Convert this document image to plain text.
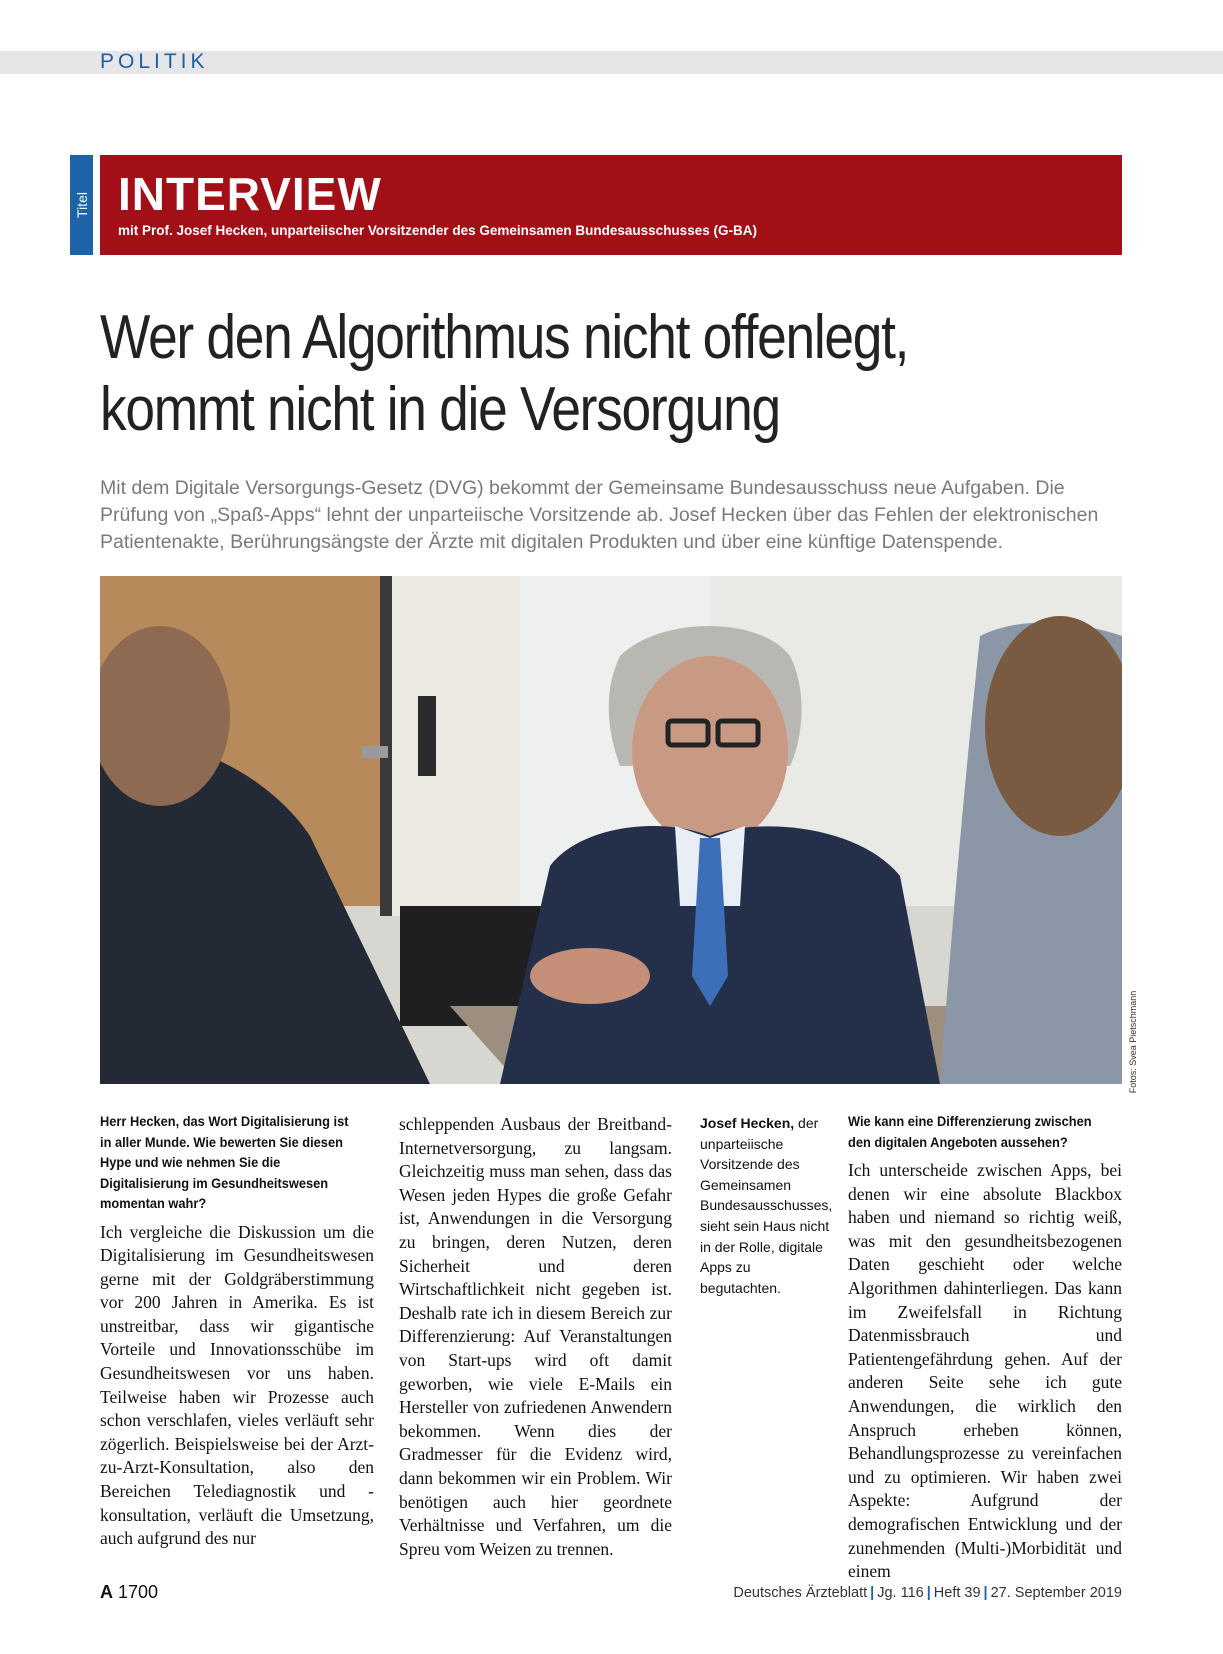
POLITIK
Titel INTERVIEW
mit Prof. Josef Hecken, unparteiischer Vorsitzender des Gemeinsamen Bundesausschusses (G-BA)
Wer den Algorithmus nicht offenlegt,
kommt nicht in die Versorgung
Mit dem Digitale Versorgungs-Gesetz (DVG) bekommt der Gemeinsame Bundesausschuss neue Aufgaben. Die Prüfung von „Spaß-Apps“ lehnt der unparteiische Vorsitzende ab. Josef Hecken über das Fehlen der elektronischen Patientenakte, Berührungsängste der Ärzte mit digitalen Produkten und über eine künftige Datenspende.
Fotos: Svea Pietschmann

Herr Hecken, das Wort Digitalisierung ist in aller Munde. Wie bewerten Sie diesen Hype und wie nehmen Sie die Digitalisierung im Gesundheitswesen momentan wahr?

Ich vergleiche die Diskussion um die Digitalisierung im Gesundheitswesen gerne mit der Goldgräberstimmung vor 200 Jahren in Amerika. Es ist unstreitbar, dass wir gigantische Vorteile und Innovationsschübe im Gesundheitswesen vor uns haben. Teilweise haben wir Prozesse auch schon verschlafen, vieles verläuft sehr zögerlich. Beispielsweise bei der Arzt-zu-Arzt-Konsultation, also den Bereichen Telediagnostik und -konsultation, verläuft die Umsetzung, auch aufgrund des nur

schleppenden Ausbaus der Breitband-Internetversorgung, zu langsam. Gleichzeitig muss man sehen, dass das Wesen jeden Hypes die große Gefahr ist, Anwendungen in die Versorgung zu bringen, deren Nutzen, deren Sicherheit und deren Wirtschaftlichkeit nicht gegeben ist. Deshalb rate ich in diesem Bereich zur Differenzierung: Auf Veranstaltungen von Start-ups wird oft damit geworben, wie viele E-Mails ein Hersteller von zufriedenen Anwendern bekommen. Wenn dies der Gradmesser für die Evidenz wird, dann bekommen wir ein Problem. Wir benötigen auch hier geordnete Verhältnisse und Verfahren, um die Spreu vom Weizen zu trennen.

Josef Hecken, der unparteiische Vorsitzende des Gemeinsamen Bundesausschusses, sieht sein Haus nicht in der Rolle, digitale Apps zu begutachten.

Wie kann eine Differenzierung zwischen den digitalen Angeboten aussehen?

Ich unterscheide zwischen Apps, bei denen wir eine absolute Blackbox haben und niemand so richtig weiß, was mit den gesundheitsbezogenen Daten geschieht oder welche Algorithmen dahinterliegen. Das kann im Zweifelsfall in Richtung Datenmissbrauch und Patientengefährdung gehen. Auf der anderen Seite sehe ich gute Anwendungen, die wirklich den Anspruch erheben können, Behandlungsprozesse zu vereinfachen und zu optimieren. Wir haben zwei Aspekte: Aufgrund der demografischen Entwicklung und der zunehmenden (Multi-)Morbidität und einem

A 1700	Deutsches Ärzteblatt | Jg. 116 | Heft 39 | 27. September 2019
